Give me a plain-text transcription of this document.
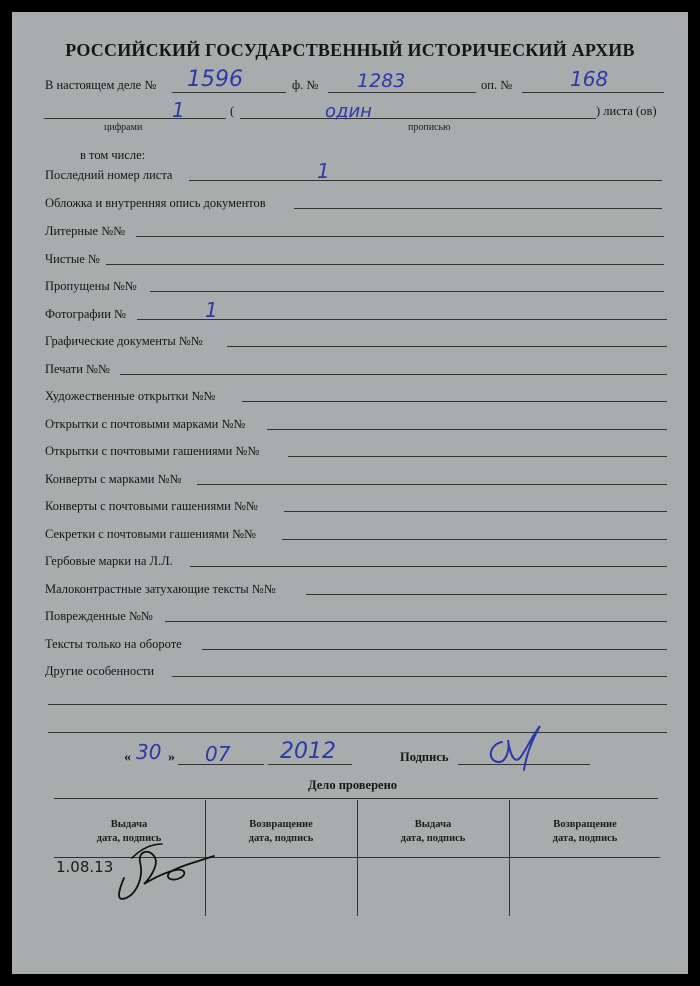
РОССИЙСКИЙ ГОСУДАРСТВЕННЫЙ ИСТОРИЧЕСКИЙ АРХИВ
В настоящем деле № 1596	ф. № 1283	оп. №	168
1	(	один	) листа (ов)
цифрами	прописью
в том числе:
Последний номер листа	1
Обложка и внутренняя опись документов
Литерные №№
Чистые №
Пропущены №№
Фотографии №	1
Графические документы №№
Печати №№
Художественные открытки №№
Открытки с почтовыми марками №№
Открытки с почтовыми гашениями №№
Конверты с марками №№
Конверты с почтовыми гашениями №№
Секретки с почтовыми гашениями №№
Гербовые марки на Л.Л.
Малоконтрастные затухающие тексты №№
Поврежденные №№
Тексты только на обороте
Другие особенности
« 30 » 07 2012	Подпись
Дело проверено
Выдача
дата, подпись
Возвращение
дата, подпись
Выдача
дата, подпись
Возвращение
дата, подпись
1.08.13
